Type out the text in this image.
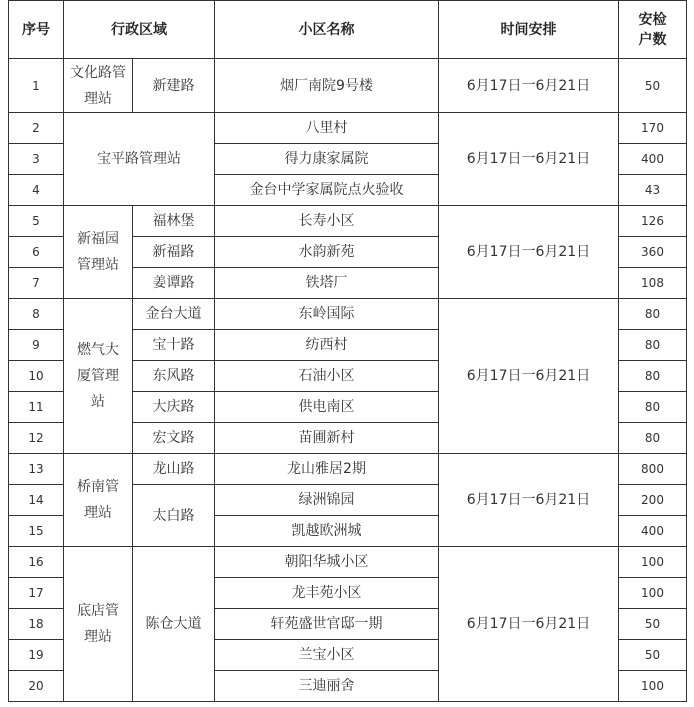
序号	行政区域		小区名称	时间安排	安检户数
1	文化路管理站	新建路	烟厂南院9号楼	6月17日一6月21日	50
2	宝平路管理站		八里村	6月17日一6月21日	170
3			得力康家属院		400
4			金台中学家属院点火验收		43
5	新福园管理站	福林堡	长寿小区	6月17日一6月21日	126
6		新福路	水韵新苑		360
7		姜谭路	铁塔厂		108
8	燃气大厦管理站	金台大道	东岭国际	6月17日一6月21日	80
9		宝十路	纺西村		80
10		东风路	石油小区		80
11		大庆路	供电南区		80
12		宏文路	苗圃新村		80
13	桥南管理站	龙山路	龙山雅居2期	6月17日一6月21日	800
14		太白路	绿洲锦园		200
15			凯越欧洲城		400
16	底店管理站	陈仓大道	朝阳华城小区	6月17日一6月21日	100
17			龙丰苑小区		100
18			轩苑盛世官邸一期		50
19			兰宝小区		50
20			三迪丽舍		100
